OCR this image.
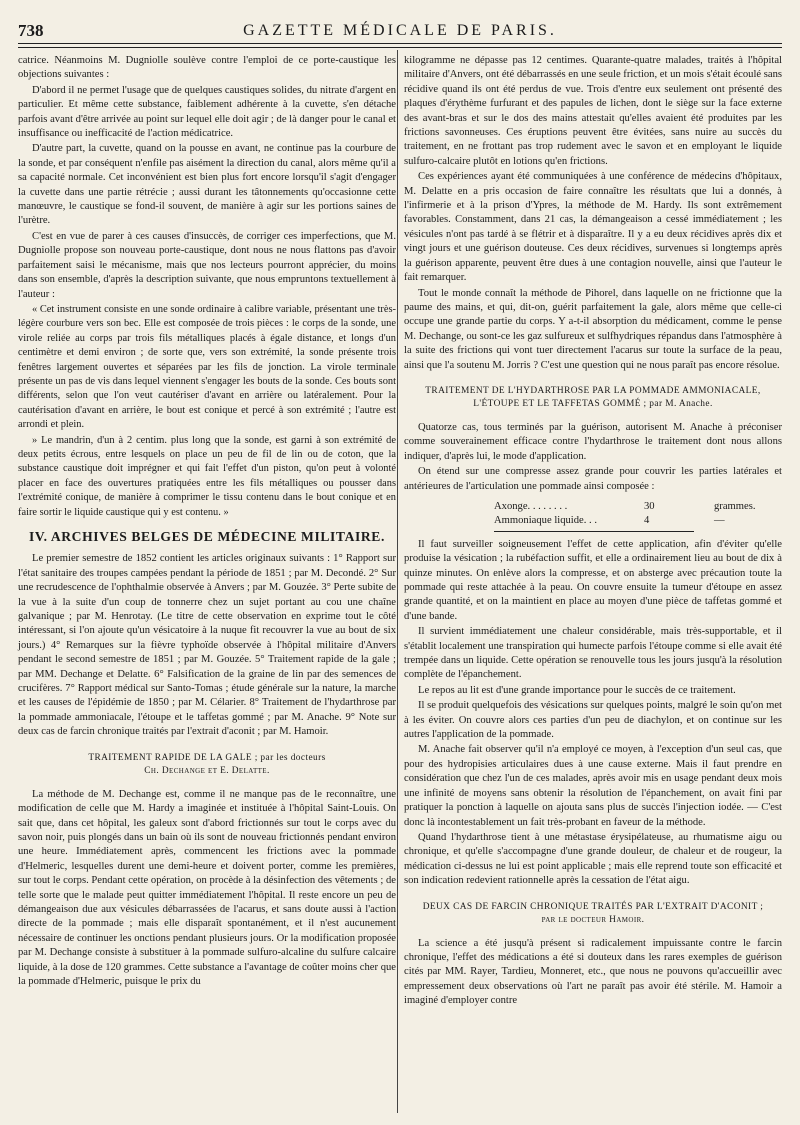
738	GAZETTE MÉDICALE DE PARIS.

catrice. Néanmoins M. Dugniolle soulève contre l'emploi de ce porte-caustique les objections suivantes :

D'abord il ne permet l'usage que de quelques caustiques solides, du nitrate d'argent en particulier. Et même cette substance, faiblement adhérente à la cuvette, s'en détache parfois avant d'être arrivée au point sur lequel elle doit agir ; de là danger pour le canal et insuffisance ou inefficacité de l'action médicatrice.

D'autre part, la cuvette, quand on la pousse en avant, ne continue pas la courbure de la sonde, et par conséquent n'enfile pas aisément la direction du canal, alors même qu'il a sa capacité normale. Cet inconvénient est bien plus fort encore lorsqu'il s'agit d'engager la cuvette dans une partie rétrécie ; aussi durant les tâtonnements qu'occasionne cette manœuvre, le caustique se fond-il souvent, de manière à agir sur les portions saines de l'urètre.

C'est en vue de parer à ces causes d'insuccès, de corriger ces imperfections, que M. Dugniolle propose son nouveau porte-caustique, dont nous ne nous flattons pas d'avoir parfaitement saisi le mécanisme, mais que nos lecteurs pourront apprécier, du moins dans son ensemble, d'après la description suivante, que nous empruntons textuellement à l'auteur :

« Cet instrument consiste en une sonde ordinaire à calibre variable, présentant une très-légère courbure vers son bec. Elle est composée de trois pièces : le corps de la sonde, une virole reliée au corps par trois fils métalliques placés à égale distance, et longs d'un centimètre et demi environ ; de sorte que, vers son extrémité, la sonde présente trois fenêtres largement ouvertes et séparées par les fils de jonction. La virole terminale présente un pas de vis dans lequel viennent s'engager les bouts de la sonde. Ces bouts sont différents, selon que l'on veut cautériser d'avant en arrière ou latéralement. Pour la cautérisation d'avant en arrière, le bout est conique et percé à son extrémité ; l'autre est arrondi et plein.

» Le mandrin, d'un à 2 centim. plus long que la sonde, est garni à son extrémité de deux petits écrous, entre lesquels on place un peu de fil de lin ou de coton, que la substance caustique doit imprégner et qui fait l'effet d'un piston, qu'on peut à volonté placer en face des ouvertures pratiquées entre les fils métalliques ou pousser dans l'extrémité conique, de manière à comprimer le tissu contenu dans le bout conique et en faire sortir le liquide caustique qui y est contenu. »

IV. ARCHIVES BELGES DE MÉDECINE MILITAIRE.

Le premier semestre de 1852 contient les articles originaux suivants : 1° Rapport sur l'état sanitaire des troupes campées pendant la période de 1851 ; par M. Decondé. 2° Sur une recrudescence de l'ophthalmie observée à Anvers ; par M. Gouzée. 3° Perte subite de la vue à la suite d'un coup de tonnerre chez un sujet portant au cou une chaîne galvanique ; par M. Henrotay. (Le titre de cette observation en exprime tout le côté intéressant, si l'on ajoute qu'un vésicatoire à la nuque fit recouvrer la vue au bout de six jours.) 4° Remarques sur la fièvre typhoïde observée à l'hôpital militaire d'Anvers pendant le second semestre de 1851 ; par M. Gouzée. 5° Traitement rapide de la gale ; par MM. Dechange et Delatte. 6° Falsification de la graine de lin par des semences de crucifères. 7° Rapport médical sur Santo-Tomas ; étude générale sur la nature, la marche et les causes de l'épidémie de 1850 ; par M. Célarier. 8° Traitement de l'hydarthrose par la pommade ammoniacale, l'étoupe et le taffetas gommé ; par M. Anache. 9° Note sur deux cas de farcin chronique traités par l'extrait d'aconit ; par M. Hamoir.

TRAITEMENT RAPIDE DE LA GALE ; par les docteurs
Ch. Dechange et E. Delatte.

La méthode de M. Dechange est, comme il ne manque pas de le reconnaître, une modification de celle que M. Hardy a imaginée et instituée à l'hôpital Saint-Louis. On sait que, dans cet hôpital, les galeux sont d'abord frictionnés sur tout le corps avec du savon noir, puis plongés dans un bain où ils sont de nouveau frictionnés pendant environ une heure. Immédiatement après, commencent les frictions avec la pommade d'Helmeric, lesquelles durent une demi-heure et doivent porter, comme les premières, sur tout le corps. Pendant cette opération, on procède à la désinfection des vêtements ; de telle sorte que le malade peut quitter immédiatement l'hôpital. Il reste encore un peu de démangeaison due aux vésicules débarrassées de l'acarus, et sans doute aussi à l'action directe de la pommade ; mais elle disparaît spontanément, et il n'est aucunement nécessaire de continuer les onctions pendant plusieurs jours. Or la modification proposée par M. Dechange consiste à substituer à la pommade sulfuro-alcaline du sulfure calcaire liquide, à la dose de 120 grammes. Cette substance a l'avantage de coûter moins cher que la pommade d'Helmeric, puisque le prix du

kilogramme ne dépasse pas 12 centimes. Quarante-quatre malades, traités à l'hôpital militaire d'Anvers, ont été débarrassés en une seule friction, et un mois s'était écoulé sans récidive quand ils ont été perdus de vue. Trois d'entre eux seulement ont présenté des plaques d'érythème furfurant et des papules de lichen, dont le siège sur la face externe des avant-bras et sur le dos des mains attestait qu'elles avaient été produites par les frictions savonneuses. Ces éruptions peuvent être évitées, sans nuire au succès du traitement, en ne frottant pas trop rudement avec le savon et en employant le liquide sulfuro-calcaire plutôt en lotions qu'en frictions.

Ces expériences ayant été communiquées à une conférence de médecins d'hôpitaux, M. Delatte en a pris occasion de faire connaître les résultats que lui a donnés, à l'infirmerie et à la prison d'Ypres, la méthode de M. Hardy. Ils sont extrêmement favorables. Constamment, dans 21 cas, la démangeaison a cessé immédiatement ; les vésicules n'ont pas tardé à se flétrir et à disparaître. Il y a eu deux récidives après dix et vingt jours et une guérison douteuse. Ces deux récidives, survenues si longtemps après la guérison apparente, peuvent être dues à une contagion nouvelle, ainsi que l'auteur le fait remarquer.

Tout le monde connaît la méthode de Pihorel, dans laquelle on ne frictionne que la paume des mains, et qui, dit-on, guérit parfaitement la gale, alors même que celle-ci occupe une grande partie du corps. Y a-t-il absorption du médicament, comme le pense M. Dechange, ou sont-ce les gaz sulfureux et sulfhydriques répandus dans l'atmosphère à la suite des frictions qui vont tuer directement l'acarus sur toute la surface de la peau, ainsi que l'a soutenu M. Jorris ? C'est une question qui ne nous paraît pas encore résolue.

TRAITEMENT DE L'HYDARTHROSE PAR LA POMMADE AMMONIACALE, L'ÉTOUPE ET LE TAFFETAS GOMMÉ ; par M. Anache.

Quatorze cas, tous terminés par la guérison, autorisent M. Anache à préconiser comme souverainement efficace contre l'hydarthrose le traitement dont nous allons indiquer, d'après lui, le mode d'application.

On étend sur une compresse assez grande pour couvrir les parties latérales et antérieures de l'articulation une pommade ainsi composée :

Axonge. . . . . . . .	30	grammes.
Ammoniaque liquide. . .	4	—

Il faut surveiller soigneusement l'effet de cette application, afin d'éviter qu'elle produise la vésication ; la rubéfaction suffit, et elle a ordinairement lieu au bout de dix à quinze minutes. On enlève alors la compresse, et on absterge avec précaution toute la pommade qui reste attachée à la peau. On couvre ensuite la tumeur d'étoupe en assez grande quantité, et on la maintient en place au moyen d'une pièce de taffetas gommé et d'une bande.

Il survient immédiatement une chaleur considérable, mais très-supportable, et il s'établit localement une transpiration qui humecte parfois l'étoupe comme si elle avait été trempée dans un liquide. Cette opération se renouvelle tous les jours jusqu'à la résolution complète de l'épanchement.

Le repos au lit est d'une grande importance pour le succès de ce traitement.

Il se produit quelquefois des vésications sur quelques points, malgré le soin qu'on met à les éviter. On couvre alors ces parties d'un peu de diachylon, et on continue sur les autres l'application de la pommade.

M. Anache fait observer qu'il n'a employé ce moyen, à l'exception d'un seul cas, que pour des hydropisies articulaires dues à une cause externe. Mais il faut prendre en considération que chez l'un de ces malades, après avoir mis en usage pendant deux mois une infinité de moyens sans obtenir la résolution de l'épanchement, on avait fini par pratiquer la ponction à laquelle on ajouta sans plus de succès l'injection iodée. — C'est donc là incontestablement un fait très-probant en faveur de la méthode.

Quand l'hydarthrose tient à une métastase érysipélateuse, au rhumatisme aigu ou chronique, et qu'elle s'accompagne d'une grande douleur, de chaleur et de rougeur, la médication ci-dessus ne lui est point applicable ; mais elle reprend toute son efficacité et son indication redevient rationnelle après la cessation de l'état aigu.

DEUX CAS DE FARCIN CHRONIQUE TRAITÉS PAR L'EXTRAIT D'ACONIT ;
par le docteur Hamoir.

La science a été jusqu'à présent si radicalement impuissante contre le farcin chronique, l'effet des médications a été si douteux dans les rares exemples de guérison cités par MM. Rayer, Tardieu, Monneret, etc., que nous ne pouvons qu'accueillir avec empressement deux observations où l'art ne paraît pas avoir été stérile. M. Hamoir a imaginé d'employer contre
